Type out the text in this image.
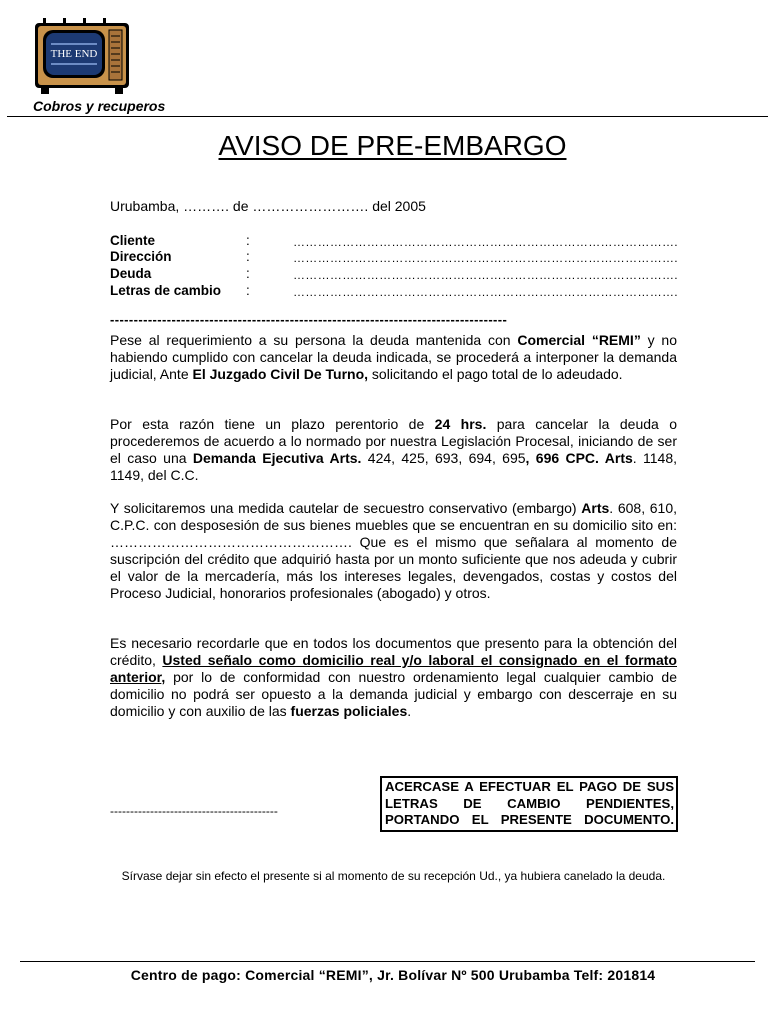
THE END
Cobros y recuperos
AVISO DE PRE-EMBARGO
Urubamba, ………. de ……………………. del 2005
Cliente	:	………………………………………………………………………………….
Dirección	:	………………………………………………………………………………….
Deuda	:	………………………………………………………………………………….
Letras de cambio :	………………………………………………………………………………….
------------------------------------------------------------------------------------
Pese al requerimiento a su persona la deuda mantenida con Comercial “REMI” y no habiendo cumplido con cancelar la deuda indicada, se procederá a interponer la demanda judicial, Ante El Juzgado Civil De Turno, solicitando el pago total de lo adeudado.
Por esta razón tiene un plazo perentorio de 24 hrs. para cancelar la deuda o procederemos de acuerdo a lo normado por nuestra Legislación Procesal, iniciando de ser el caso una Demanda Ejecutiva Arts. 424, 425, 693, 694, 695, 696 CPC. Arts. 1148, 1149, del C.C.
Y solicitaremos una medida cautelar de secuestro conservativo (embargo) Arts. 608, 610, C.P.C. con desposesión de sus bienes muebles que se encuentran en su domicilio sito en: ……………………………………………. Que es el mismo que señalara al momento de suscripción del crédito que adquirió hasta por un monto suficiente que nos adeuda y cubrir el valor de la mercadería, más los intereses legales, devengados, costas y costos del Proceso Judicial, honorarios profesionales (abogado) y otros.
Es necesario recordarle que en todos los documentos que presento para la obtención del crédito, Usted señalo como domicilio real y/o laboral el consignado en el formato anterior, por lo de conformidad con nuestro ordenamiento legal cualquier cambio de domicilio no podrá ser opuesto a la demanda judicial y embargo con descerraje en su domicilio y con auxilio de las fuerzas policiales.
------------------------------------------
ACERCASE A EFECTUAR EL PAGO DE SUS LETRAS DE CAMBIO PENDIENTES, PORTANDO EL PRESENTE DOCUMENTO.
Sírvase dejar sin efecto el presente si al momento de su recepción Ud., ya hubiera canelado la deuda.
Centro de pago: Comercial “REMI”, Jr. Bolívar Nº 500 Urubamba Telf: 201814
